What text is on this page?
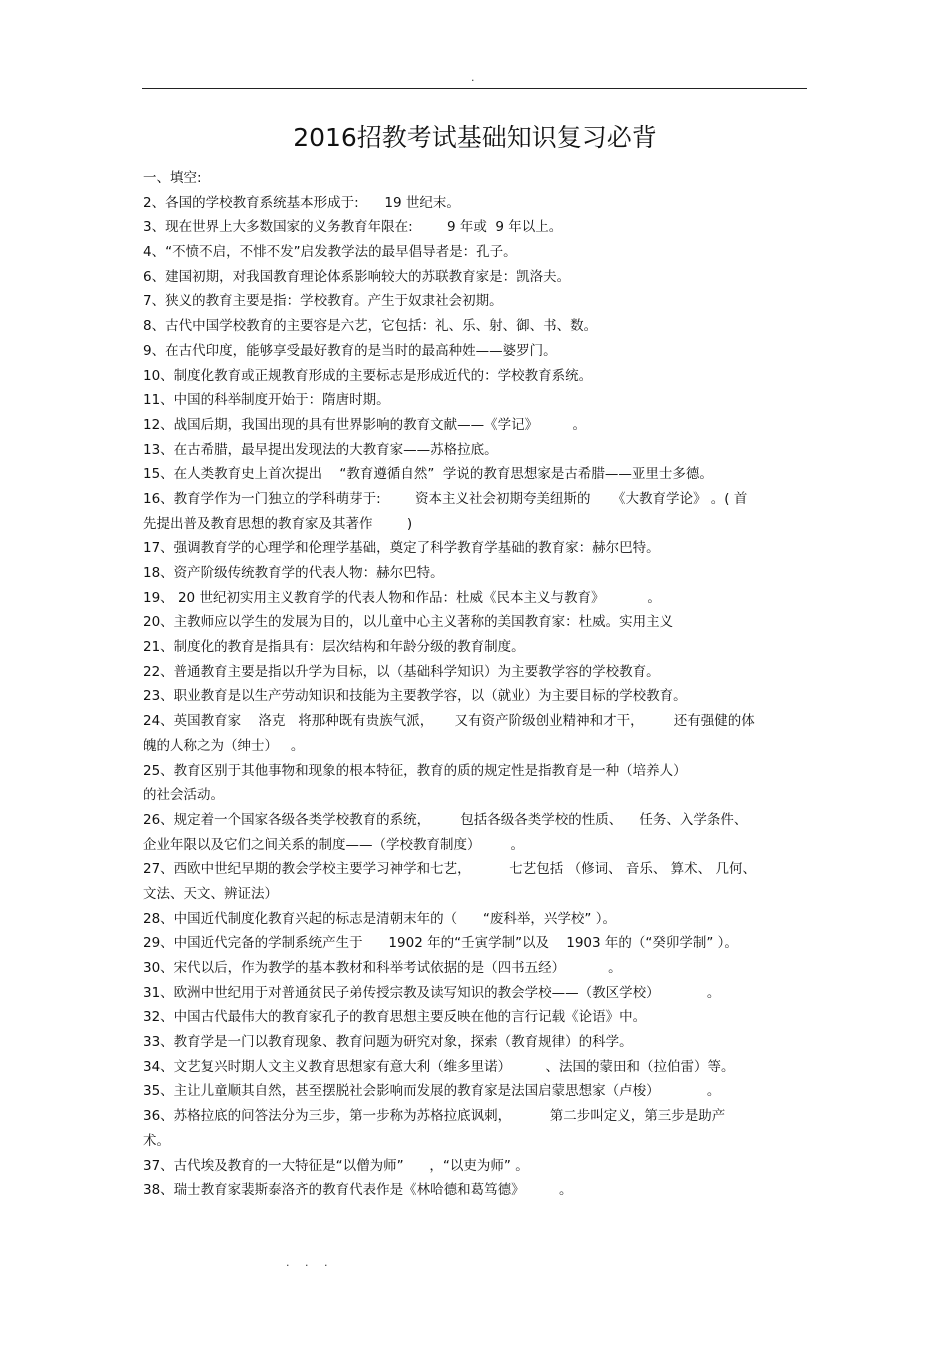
.
2016招教考试基础知识复习必背
一、填空:
2、各国的学校教育系统基本形成于:      19 世纪末。
3、现在世界上大多数国家的义务教育年限在:        9 年或  9 年以上。
4、“不愤不启，不悱不发”启发教学法的最早倡导者是：孔子。
6、建国初期，对我国教育理论体系影响较大的苏联教育家是：凯洛夫。
7、狭义的教育主要是指：学校教育。产生于奴隶社会初期。
8、古代中国学校教育的主要容是六艺，它包括：礼、乐、射、御、书、数。
9、在古代印度，能够享受最好教育的是当时的最高种姓——婆罗门。
10、制度化教育或正规教育形成的主要标志是形成近代的：学校教育系统。
11、中国的科举制度开始于：隋唐时期。
12、战国后期，我国出现的具有世界影响的教育文献——《学记》        。
13、在古希腊，最早提出发现法的大教育家——苏格拉底。
15、在人类教育史上首次提出    “教育遵循自然”  学说的教育思想家是古希腊——亚里士多德。
16、教育学作为一门独立的学科萌芽于:        资本主义社会初期夸美纽斯的     《大教育学论》 。( 首
先提出普及教育思想的教育家及其著作        )
17、强调教育学的心理学和伦理学基础，奠定了科学教育学基础的教育家：赫尔巴特。
18、资产阶级传统教育学的代表人物：赫尔巴特。
19、 20 世纪初实用主义教育学的代表人物和作品：杜威《民本主义与教育》          。
20、主教师应以学生的发展为目的，以儿童中心主义著称的美国教育家：杜威。实用主义
21、制度化的教育是指具有：层次结构和年龄分级的教育制度。
22、普通教育主要是指以升学为目标，以（基础科学知识）为主要教学容的学校教育。
23、职业教育是以生产劳动知识和技能为主要教学容，以（就业）为主要目标的学校教育。
24、英国教育家    洛克   将那种既有贵族气派，     又有资产阶级创业精神和才干，       还有强健的体
魄的人称之为（绅士）   。
25、教育区别于其他事物和现象的根本特征，教育的质的规定性是指教育是一种（培养人）
的社会活动。
26、规定着一个国家各级各类学校教育的系统，       包括各级各类学校的性质、    任务、入学条件、
企业年限以及它们之间关系的制度——（学校教育制度）       。
27、西欧中世纪早期的教会学校主要学习神学和七艺，         七艺包括 （修词、 音乐、 算术、 几何、
文法、天文、辨证法）
28、中国近代制度化教育兴起的标志是清朝末年的（      “废科举，兴学校” ）。
29、中国近代完备的学制系统产生于      1902 年的“壬寅学制”以及    1903 年的（“癸卯学制” ）。
30、宋代以后，作为教学的基本教材和科举考试依据的是（四书五经）          。
31、欧洲中世纪用于对普通贫民子弟传授宗教及读写知识的教会学校——（教区学校）           。
32、中国古代最伟大的教育家孔子的教育思想主要反映在他的言行记载《论语》中。
33、教育学是一门以教育现象、教育问题为研究对象，探索（教育规律）的科学。
34、文艺复兴时期人文主义教育思想家有意大利（维多里诺）        、法国的蒙田和（拉伯雷）等。
35、主让儿童顺其自然，甚至摆脱社会影响而发展的教育家是法国启蒙思想家（卢梭）           。
36、苏格拉底的问答法分为三步，第一步称为苏格拉底讽刺，         第二步叫定义，第三步是助产
术。
37、古代埃及教育的一大特征是“以僧为师”      ，“以吏为师” 。
38、瑞士教育家裴斯泰洛齐的教育代表作是《林哈德和葛笃德》        。
. . .
